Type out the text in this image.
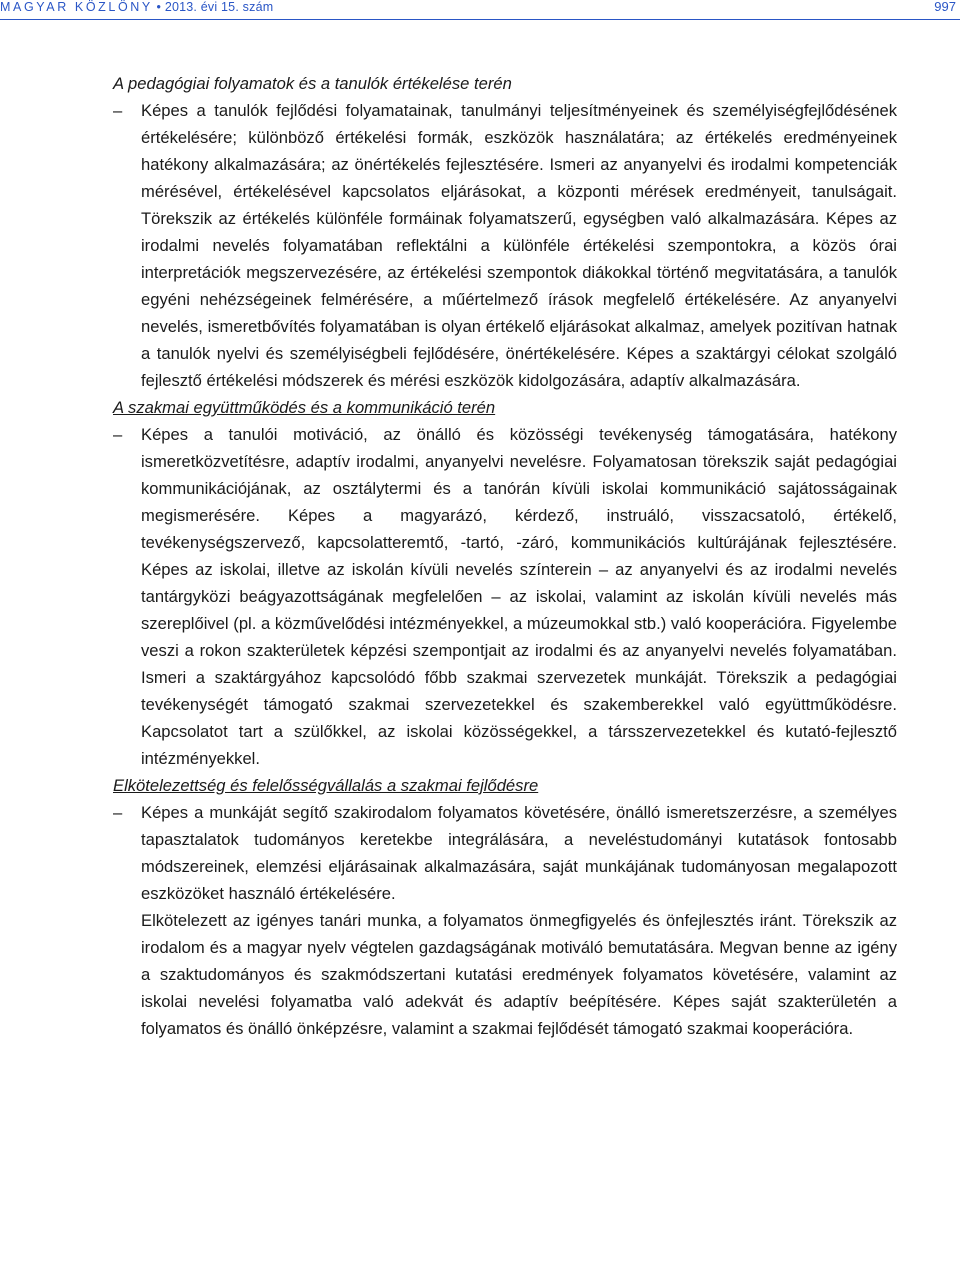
MAGYAR KÖZLÖNY • 2013. évi 15. szám	997

A pedagógiai folyamatok és a tanulók értékelése terén

– Képes a tanulók fejlődési folyamatainak, tanulmányi teljesítményeinek és személyiségfejlődésének értékelésére; különböző értékelési formák, eszközök használatára; az értékelés eredményeinek hatékony alkalmazására; az önértékelés fejlesztésére. Ismeri az anyanyelvi és irodalmi kompetenciák mérésével, értékelésével kapcsolatos eljárásokat, a központi mérések eredményeit, tanulságait. Törekszik az értékelés különféle formáinak folyamatszerű, egységben való alkalmazására. Képes az irodalmi nevelés folyamatában reflektálni a különféle értékelési szempontokra, a közös órai interpretációk megszervezésére, az értékelési szempontok diákokkal történő megvitatására, a tanulók egyéni nehézségeinek felmérésére, a műértelmező írások megfelelő értékelésére. Az anyanyelvi nevelés, ismeretbővítés folyamatában is olyan értékelő eljárásokat alkalmaz, amelyek pozitívan hatnak a tanulók nyelvi és személyiségbeli fejlődésére, önértékelésére. Képes a szaktárgyi célokat szolgáló fejlesztő értékelési módszerek és mérési eszközök kidolgozására, adaptív alkalmazására.

A szakmai együttműködés és a kommunikáció terén

– Képes a tanulói motiváció, az önálló és közösségi tevékenység támogatására, hatékony ismeretközvetítésre, adaptív irodalmi, anyanyelvi nevelésre. Folyamatosan törekszik saját pedagógiai kommunikációjának, az osztálytermi és a tanórán kívüli iskolai kommunikáció sajátosságainak megismerésére. Képes a magyarázó, kérdező, instruáló, visszacsatoló, értékelő, tevékenységszervező, kapcsolatteremtő, -tartó, -záró, kommunikációs kultúrájának fejlesztésére. Képes az iskolai, illetve az iskolán kívüli nevelés színterein – az anyanyelvi és az irodalmi nevelés tantárgyközi beágyazottságának megfelelően – az iskolai, valamint az iskolán kívüli nevelés más szereplőivel (pl. a közművelődési intézményekkel, a múzeumokkal stb.) való kooperációra. Figyelembe veszi a rokon szakterületek képzési szempontjait az irodalmi és az anyanyelvi nevelés folyamatában. Ismeri a szaktárgyához kapcsolódó főbb szakmai szervezetek munkáját. Törekszik a pedagógiai tevékenységét támogató szakmai szervezetekkel és szakemberekkel való együttműködésre. Kapcsolatot tart a szülőkkel, az iskolai közösségekkel, a társszervezetekkel és kutató-fejlesztő intézményekkel.

Elkötelezettség és felelősségvállalás a szakmai fejlődésre

– Képes a munkáját segítő szakirodalom folyamatos követésére, önálló ismeretszerzésre, a személyes tapasztalatok tudományos keretekbe integrálására, a neveléstudományi kutatások fontosabb módszereinek, elemzési eljárásainak alkalmazására, saját munkájának tudományosan megalapozott eszközöket használó értékelésére.

Elkötelezett az igényes tanári munka, a folyamatos önmegfigyelés és önfejlesztés iránt. Törekszik az irodalom és a magyar nyelv végtelen gazdagságának motiváló bemutatására. Megvan benne az igény a szaktudományos és szakmódszertani kutatási eredmények folyamatos követésére, valamint az iskolai nevelési folyamatba való adekvát és adaptív beépítésére. Képes saját szakterületén a folyamatos és önálló önképzésre, valamint a szakmai fejlődését támogató szakmai kooperációra.
